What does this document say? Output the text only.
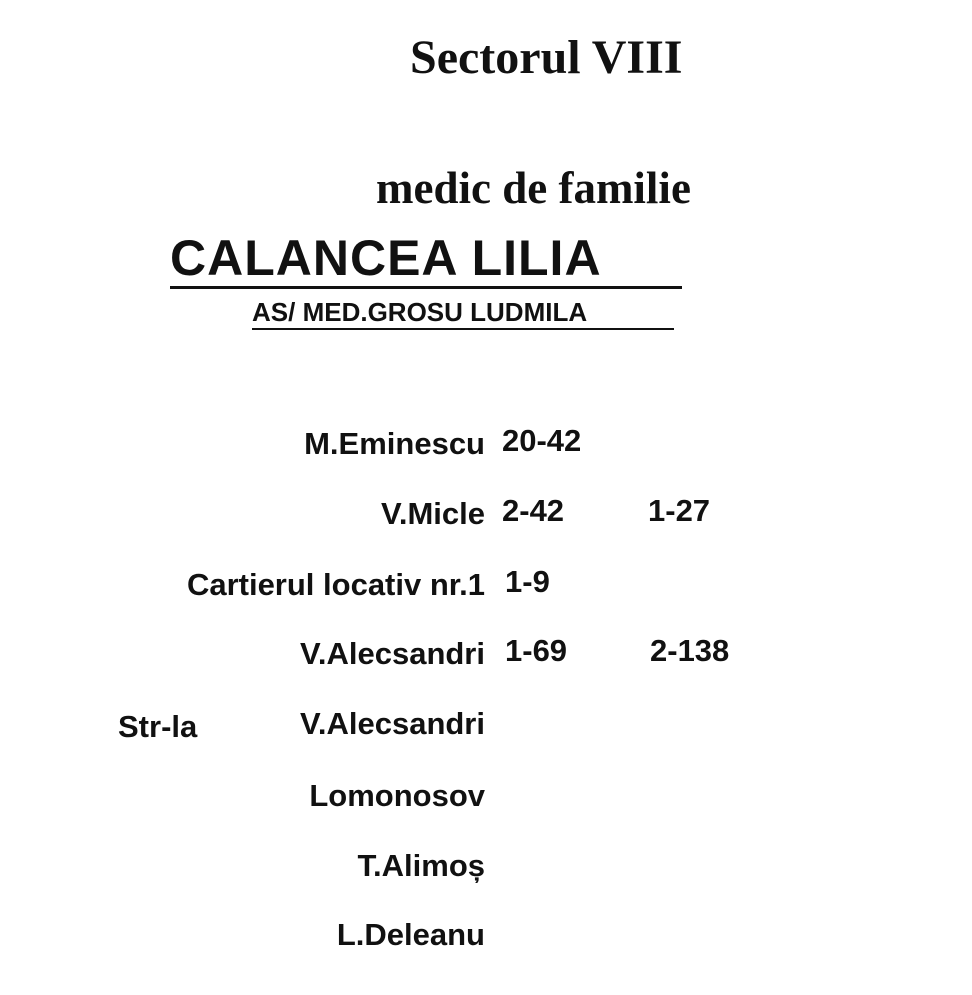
Sectorul VIII
medic de familie
CALANCEA LILIA
AS/ MED.GROSU LUDMILA
M.Eminescu 20-42
V.Micle 2-42	1-27
Cartierul locativ nr.1 1-9
V.Alecsandri 1-69	2-138
Str-la	V.Alecsandri
Lomonosov
T.Alimoș
L.Deleanu
